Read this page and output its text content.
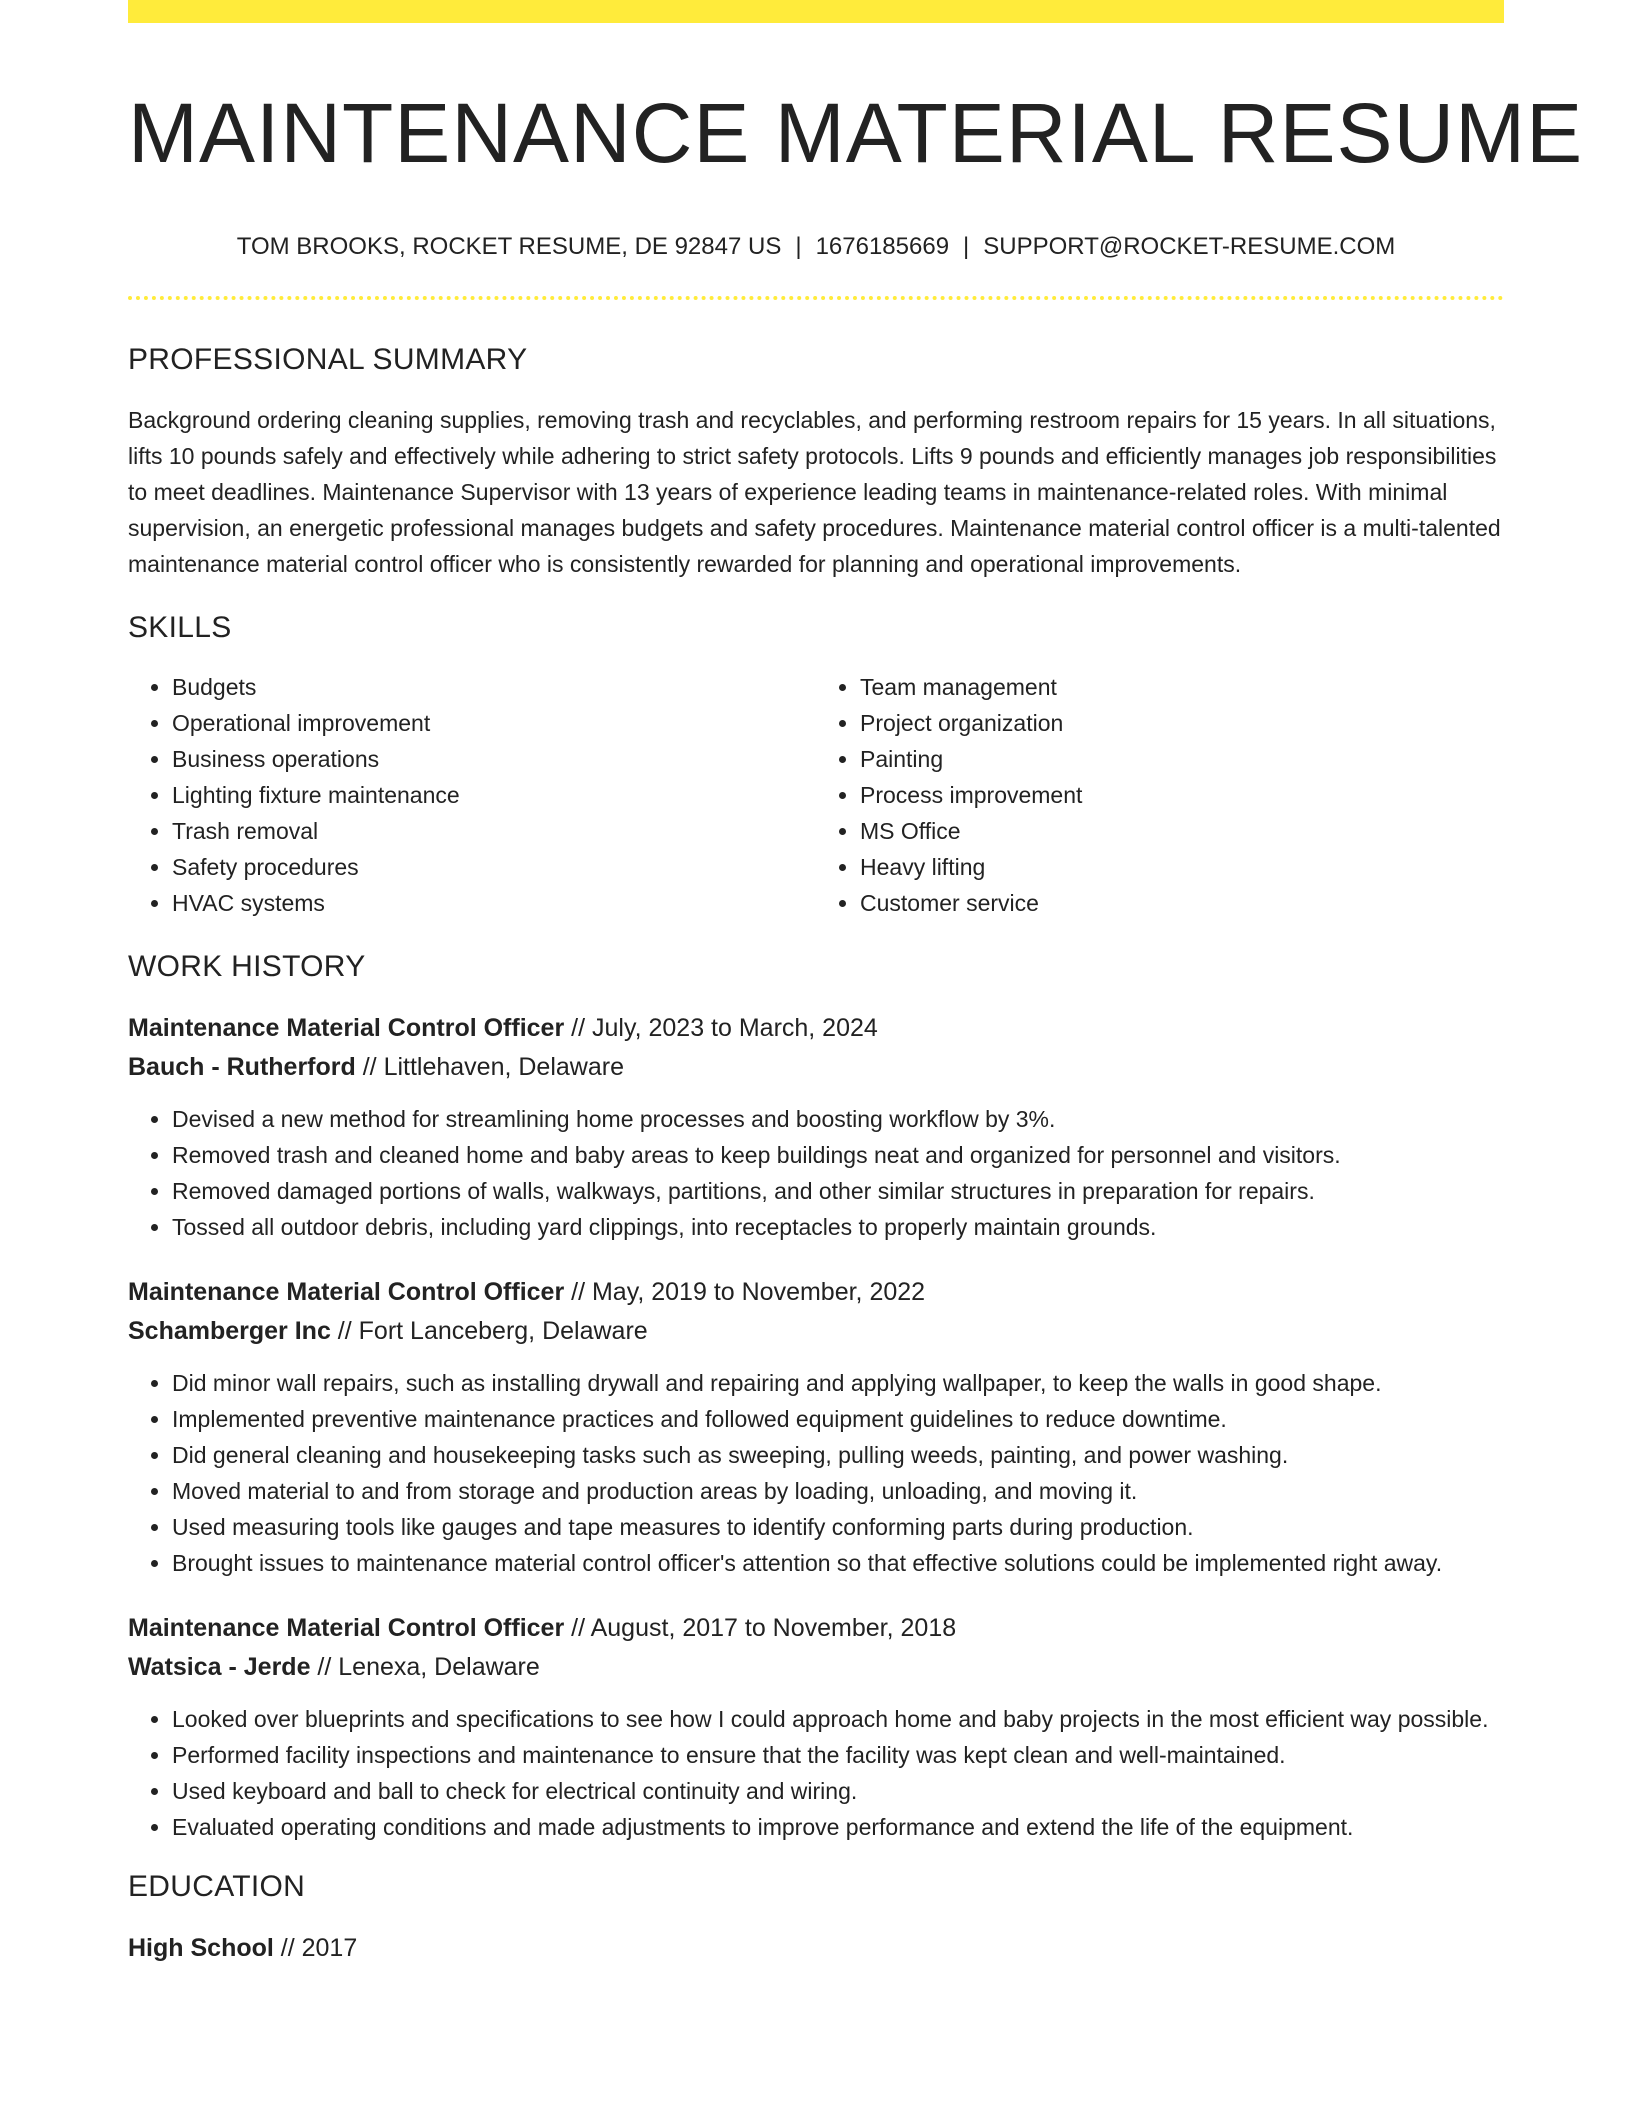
MAINTENANCE MATERIAL RESUME
TOM BROOKS, ROCKET RESUME, DE 92847 US | 1676185669 | SUPPORT@ROCKET-RESUME.COM
PROFESSIONAL SUMMARY

Background ordering cleaning supplies, removing trash and recyclables, and performing restroom repairs for 15 years. In all situations, lifts 10 pounds safely and effectively while adhering to strict safety protocols. Lifts 9 pounds and efficiently manages job responsibilities to meet deadlines. Maintenance Supervisor with 13 years of experience leading teams in maintenance-related roles. With minimal supervision, an energetic professional manages budgets and safety procedures. Maintenance material control officer is a multi-talented maintenance material control officer who is consistently rewarded for planning and operational improvements.

SKILLS
• Budgets
• Operational improvement
• Business operations
• Lighting fixture maintenance
• Trash removal
• Safety procedures
• HVAC systems
• Team management
• Project organization
• Painting
• Process improvement
• MS Office
• Heavy lifting
• Customer service
WORK HISTORY
Maintenance Material Control Officer // July, 2023 to March, 2024
Bauch - Rutherford // Littlehaven, Delaware
• Devised a new method for streamlining home processes and boosting workflow by 3%.
• Removed trash and cleaned home and baby areas to keep buildings neat and organized for personnel and visitors.
• Removed damaged portions of walls, walkways, partitions, and other similar structures in preparation for repairs.
• Tossed all outdoor debris, including yard clippings, into receptacles to properly maintain grounds.
Maintenance Material Control Officer // May, 2019 to November, 2022
Schamberger Inc // Fort Lanceberg, Delaware
• Did minor wall repairs, such as installing drywall and repairing and applying wallpaper, to keep the walls in good shape.
• Implemented preventive maintenance practices and followed equipment guidelines to reduce downtime.
• Did general cleaning and housekeeping tasks such as sweeping, pulling weeds, painting, and power washing.
• Moved material to and from storage and production areas by loading, unloading, and moving it.
• Used measuring tools like gauges and tape measures to identify conforming parts during production.
• Brought issues to maintenance material control officer's attention so that effective solutions could be implemented right away.
Maintenance Material Control Officer // August, 2017 to November, 2018
Watsica - Jerde // Lenexa, Delaware
• Looked over blueprints and specifications to see how I could approach home and baby projects in the most efficient way possible.
• Performed facility inspections and maintenance to ensure that the facility was kept clean and well-maintained.
• Used keyboard and ball to check for electrical continuity and wiring.
• Evaluated operating conditions and made adjustments to improve performance and extend the life of the equipment.
EDUCATION
High School // 2017
